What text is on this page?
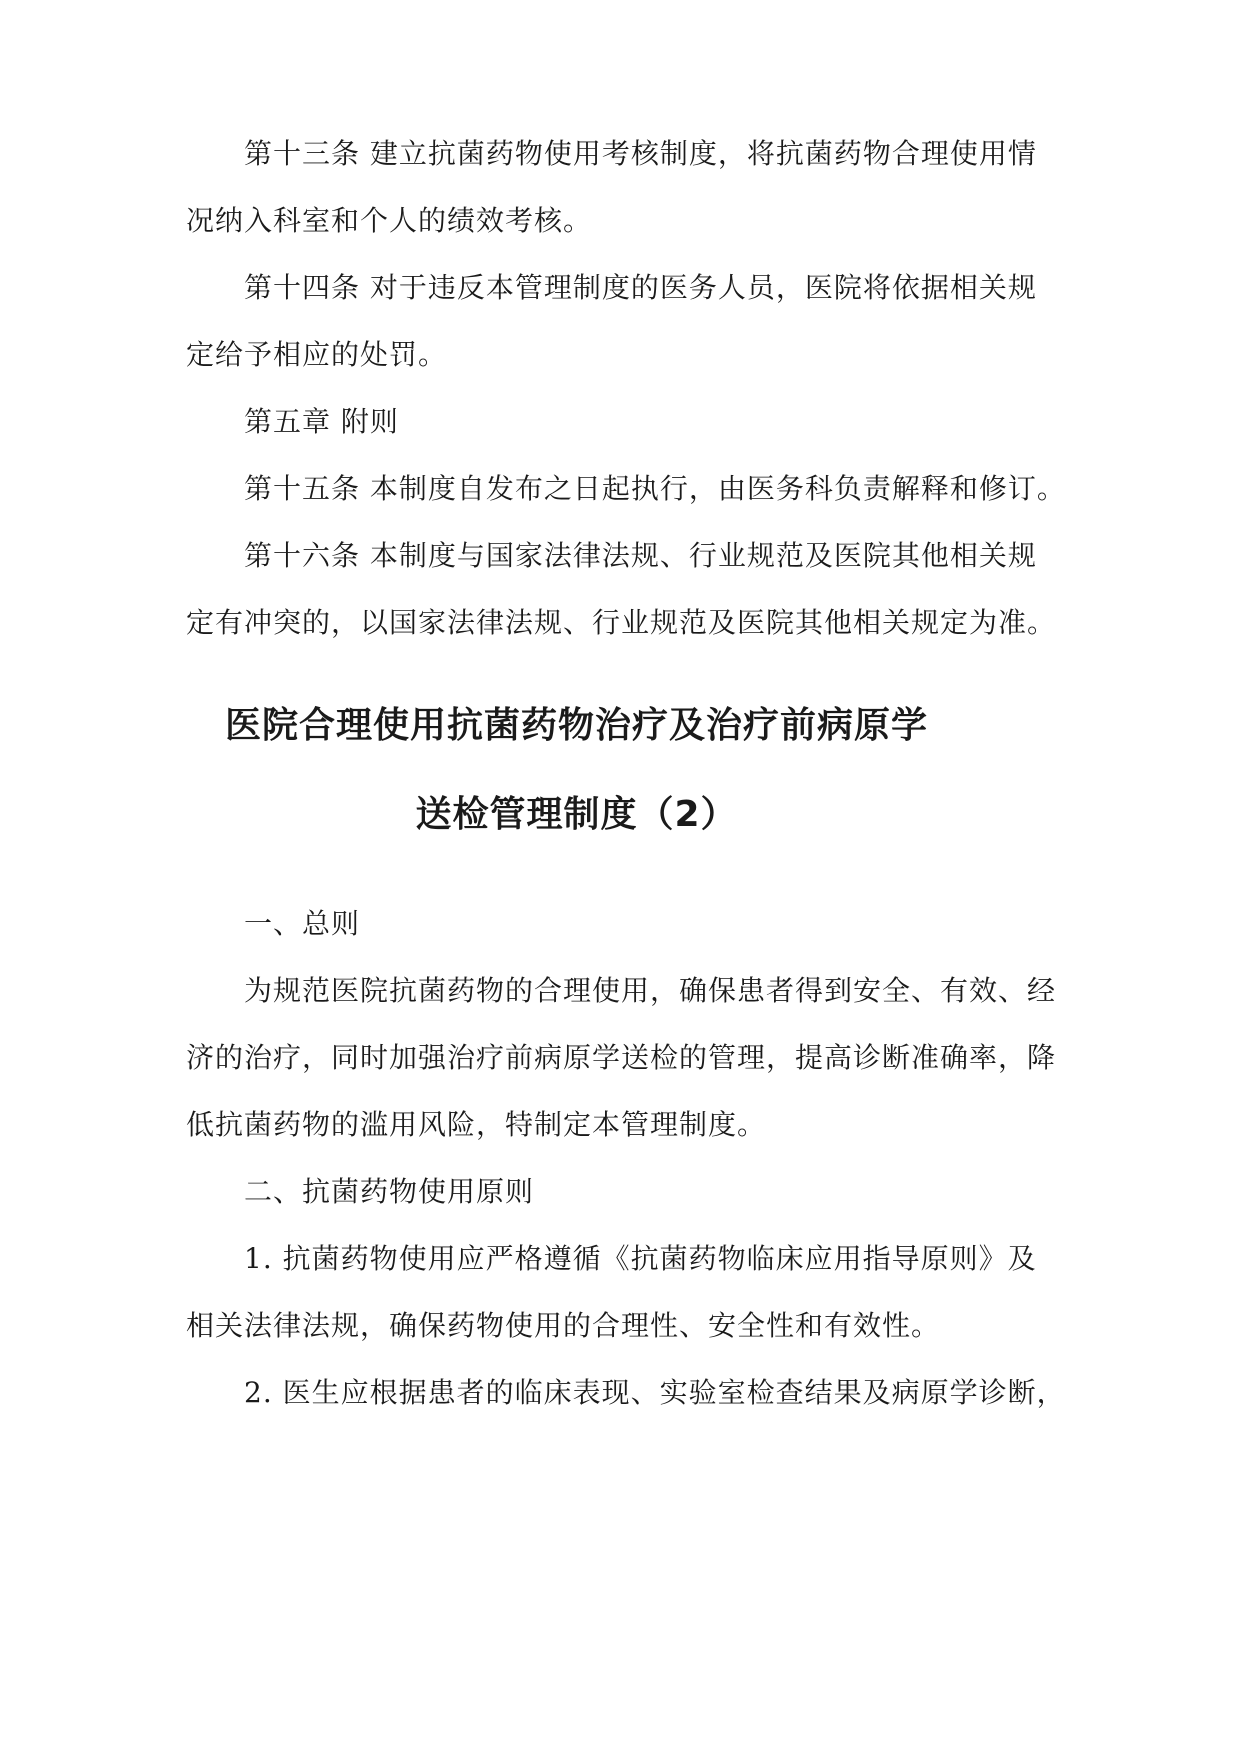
第十三条 建立抗菌药物使用考核制度，将抗菌药物合理使用情
况纳入科室和个人的绩效考核。
第十四条 对于违反本管理制度的医务人员，医院将依据相关规
定给予相应的处罚。
第五章 附则
第十五条 本制度自发布之日起执行，由医务科负责解释和修订。
第十六条 本制度与国家法律法规、行业规范及医院其他相关规
定有冲突的，以国家法律法规、行业规范及医院其他相关规定为准。
医院合理使用抗菌药物治疗及治疗前病原学
送检管理制度（2）
一、总则
为规范医院抗菌药物的合理使用，确保患者得到安全、有效、经
济的治疗，同时加强治疗前病原学送检的管理，提高诊断准确率，降
低抗菌药物的滥用风险，特制定本管理制度。
二、抗菌药物使用原则
1. 抗菌药物使用应严格遵循《抗菌药物临床应用指导原则》及
相关法律法规，确保药物使用的合理性、安全性和有效性。
2. 医生应根据患者的临床表现、实验室检查结果及病原学诊断，
